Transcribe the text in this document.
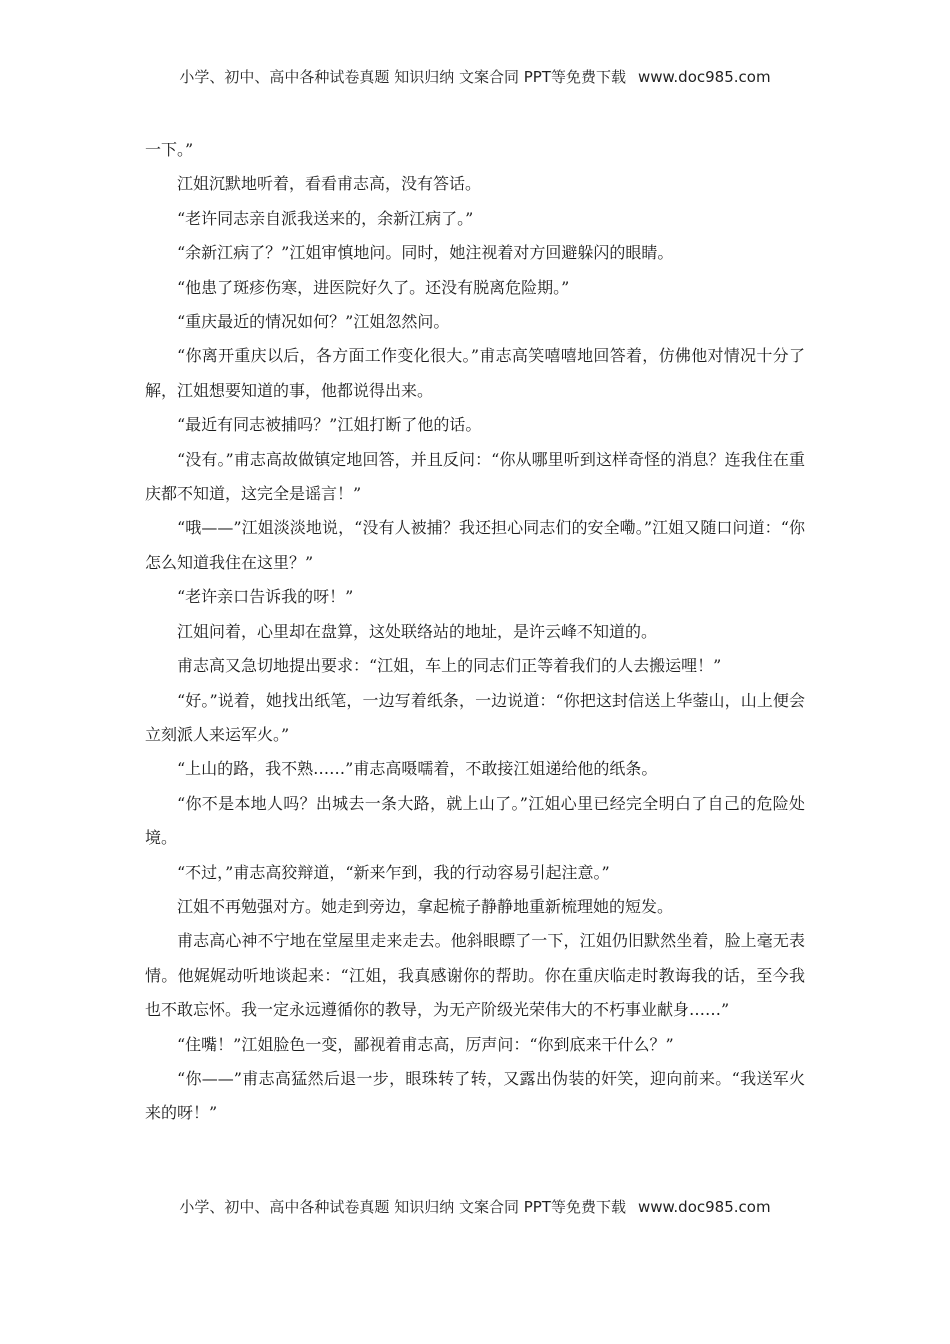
小学、初中、高中各种试卷真题 知识归纳 文案合同 PPT等免费下载 www.doc985.com

一下。”

江姐沉默地听着，看看甫志高，没有答话。

“老许同志亲自派我送来的，余新江病了。”

“余新江病了？”江姐审慎地问。同时，她注视着对方回避躲闪的眼睛。

“他患了斑疹伤寒，进医院好久了。还没有脱离危险期。”

“重庆最近的情况如何？”江姐忽然问。

“你离开重庆以后，各方面工作变化很大。”甫志高笑嘻嘻地回答着，仿佛他对情况十分了解，江姐想要知道的事，他都说得出来。

“最近有同志被捕吗？”江姐打断了他的话。

“没有。”甫志高故做镇定地回答，并且反问：“你从哪里听到这样奇怪的消息？连我住在重庆都不知道，这完全是谣言！”

“哦——”江姐淡淡地说，“没有人被捕？我还担心同志们的安全嘞。”江姐又随口问道：“你怎么知道我住在这里？”

“老许亲口告诉我的呀！”

江姐问着，心里却在盘算，这处联络站的地址，是许云峰不知道的。

甫志高又急切地提出要求：“江姐，车上的同志们正等着我们的人去搬运哩！”

“好。”说着，她找出纸笔，一边写着纸条，一边说道：“你把这封信送上华蓥山，山上便会立刻派人来运军火。”

“上山的路，我不熟……”甫志高嗫嚅着，不敢接江姐递给他的纸条。

“你不是本地人吗？出城去一条大路，就上山了。”江姐心里已经完全明白了自己的危险处境。

“不过，”甫志高狡辩道，“新来乍到，我的行动容易引起注意。”

江姐不再勉强对方。她走到旁边，拿起梳子静静地重新梳理她的短发。

甫志高心神不宁地在堂屋里走来走去。他斜眼瞟了一下，江姐仍旧默然坐着，脸上毫无表情。他娓娓动听地谈起来：“江姐，我真感谢你的帮助。你在重庆临走时教诲我的话，至今我也不敢忘怀。我一定永远遵循你的教导，为无产阶级光荣伟大的不朽事业献身……”

“住嘴！”江姐脸色一变，鄙视着甫志高，厉声问：“你到底来干什么？”

“你——”甫志高猛然后退一步，眼珠转了转，又露出伪装的奸笑，迎向前来。“我送军火来的呀！”

小学、初中、高中各种试卷真题 知识归纳 文案合同 PPT等免费下载 www.doc985.com
